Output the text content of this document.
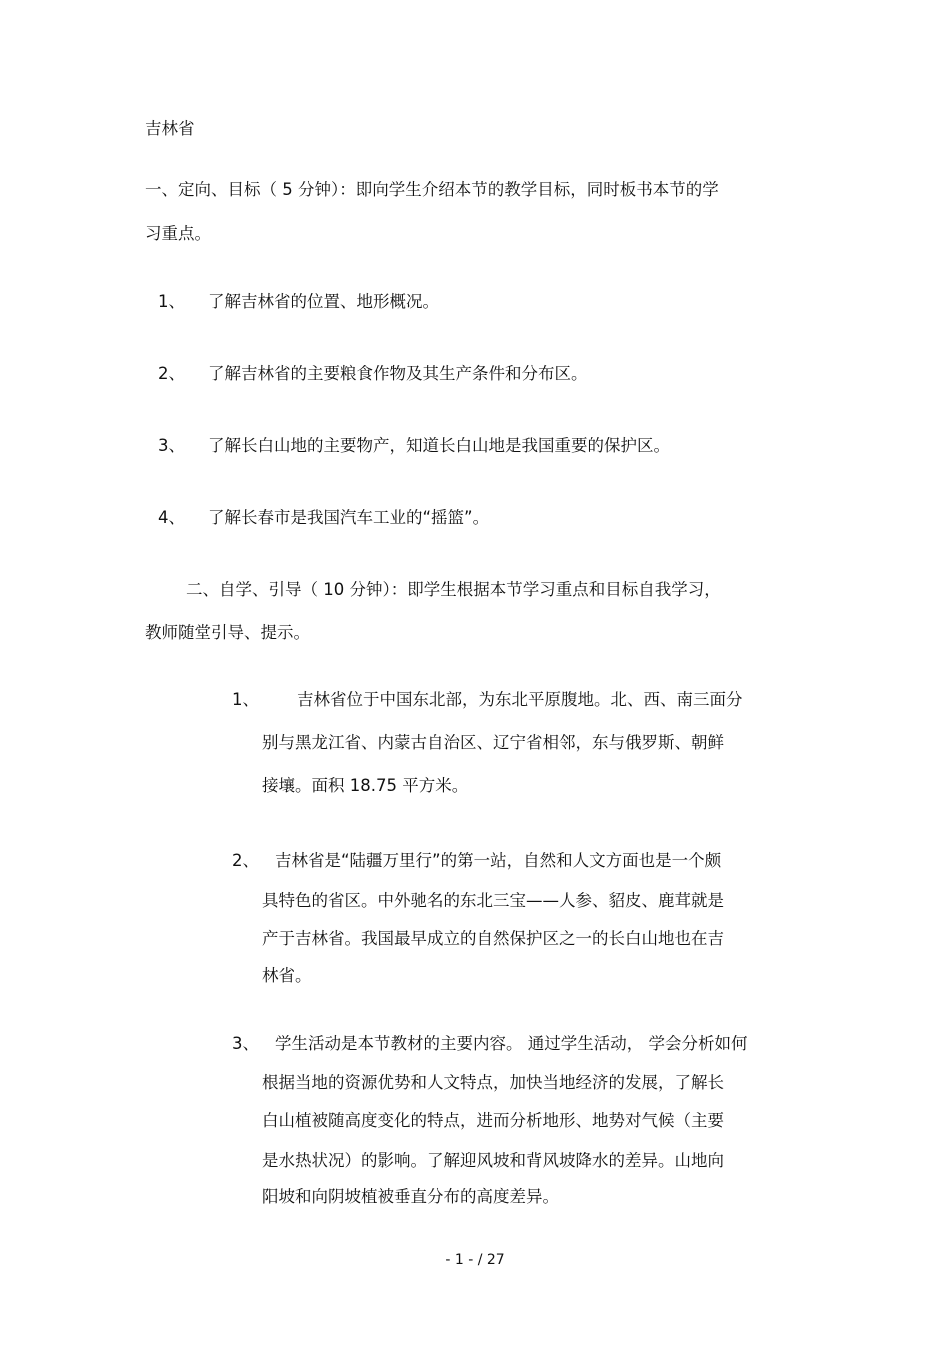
吉林省
一、定向、目标（ 5 分钟）：即向学生介绍本节的教学目标，同时板书本节的学
习重点。
1、 了解吉林省的位置、地形概况。
2、 了解吉林省的主要粮食作物及其生产条件和分布区。
3、 了解长白山地的主要物产，知道长白山地是我国重要的保护区。
4、 了解长春市是我国汽车工业的“摇篮”。
二、自学、引导（ 10 分钟）：即学生根据本节学习重点和目标自我学习，
教师随堂引导、提示。
1、 吉林省位于中国东北部，为东北平原腹地。北、西、南三面分
别与黑龙江省、内蒙古自治区、辽宁省相邻，东与俄罗斯、朝鲜
接壤。面积 18.75 平方米。
2、 吉林省是“陆疆万里行”的第一站，自然和人文方面也是一个颇
具特色的省区。中外驰名的东北三宝——人参、貂皮、鹿茸就是
产于吉林省。我国最早成立的自然保护区之一的长白山地也在吉
林省。
3、 学生活动是本节教材的主要内容。 通过学生活动， 学会分析如何
根据当地的资源优势和人文特点，加快当地经济的发展，了解长
白山植被随高度变化的特点，进而分析地形、地势对气候（主要
是水热状况）的影响。了解迎风坡和背风坡降水的差异。山地向
阳坡和向阴坡植被垂直分布的高度差异。
- 1 - / 27
